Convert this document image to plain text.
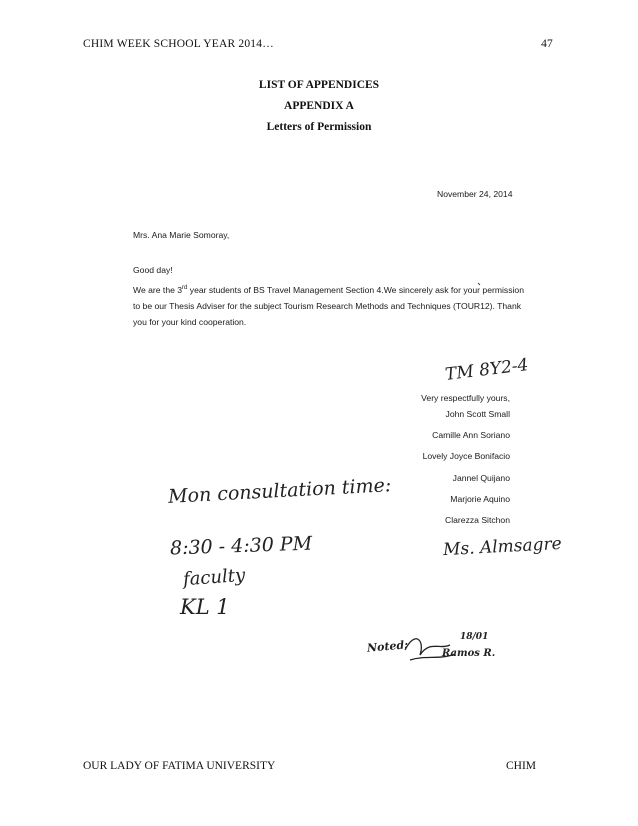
CHIM WEEK SCHOOL YEAR 2014…	47
LIST OF APPENDICES
APPENDIX A
Letters of Permission
November 24, 2014
Mrs. Ana Marie Somoray,
Good day!
We are the 3rd year students of BS Travel Management Section 4.We sincerely ask for your permission to be our Thesis Adviser for the subject Tourism Research Methods and Techniques (TOUR12). Thank you for your kind cooperation.
Very respectfully yours,
John Scott Small
Camille Ann Soriano
Lovely Joyce Bonifacio
Jannel Quijano
Marjorie Aquino
Clarezza Sitchon
TM 8Y2-4
Mon consultation time:
8:30 - 4:30 PM
faculty
KL 1
Ms. Almsagre
Noted:
18/01
Ramos R.
OUR LADY OF FATIMA UNIVERSITY	CHIM
